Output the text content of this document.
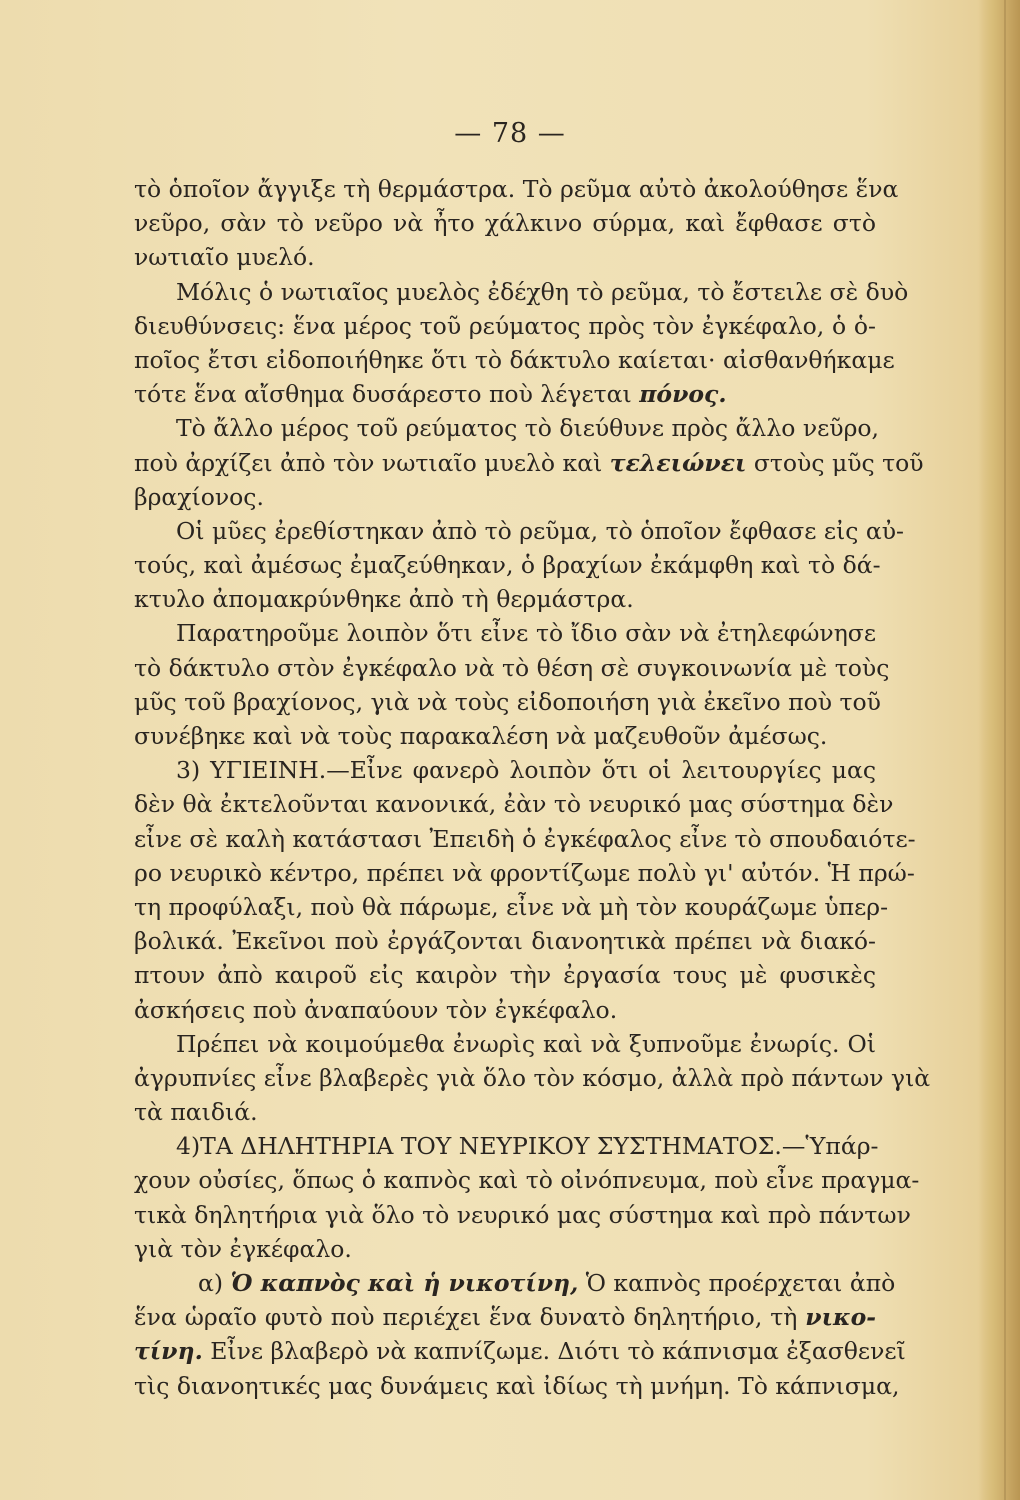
— 78 —
τὸ ὁποῖον ἄγγιξε τὴ θερμάστρα. Τὸ ρεῦμα αὐτὸ ἀκολούθησε ἕνα
νεῦρο, σὰν τὸ νεῦρο νὰ ἦτο χάλκινο σύρμα, καὶ ἔφθασε στὸ
νωτιαῖο μυελό.
Μόλις ὁ νωτιαῖος μυελὸς ἐδέχθη τὸ ρεῦμα, τὸ ἔστειλε σὲ δυὸ
διευθύνσεις: ἕνα μέρος τοῦ ρεύματος πρὸς τὸν ἐγκέφαλο, ὁ ὁ-
ποῖος ἔτσι εἰδοποιήθηκε ὅτι τὸ δάκτυλο καίεται· αἰσθανθήκαμε
τότε ἕνα αἴσθημα δυσάρεστο ποὺ λέγεται πόνος.
Τὸ ἄλλο μέρος τοῦ ρεύματος τὸ διεύθυνε πρὸς ἄλλο νεῦρο,
ποὺ ἀρχίζει ἀπὸ τὸν νωτιαῖο μυελὸ καὶ τελειώνει στοὺς μῦς τοῦ
βραχίονος.
Οἱ μῦες ἐρεθίστηκαν ἀπὸ τὸ ρεῦμα, τὸ ὁποῖον ἔφθασε εἰς αὐ-
τούς, καὶ ἀμέσως ἐμαζεύθηκαν, ὁ βραχίων ἐκάμφθη καὶ τὸ δά-
κτυλο ἀπομακρύνθηκε ἀπὸ τὴ θερμάστρα.
Παρατηροῦμε λοιπὸν ὅτι εἶνε τὸ ἴδιο σὰν νὰ ἐτηλεφώνησε
τὸ δάκτυλο στὸν ἐγκέφαλο νὰ τὸ θέση σὲ συγκοινωνία μὲ τοὺς
μῦς τοῦ βραχίονος, γιὰ νὰ τοὺς εἰδοποιήση γιὰ ἐκεῖνο ποὺ τοῦ
συνέβηκε καὶ νὰ τοὺς παρακαλέση νὰ μαζευθοῦν ἀμέσως.
3) ΥΓΙΕΙΝΗ.—Εἶνε φανερὸ λοιπὸν ὅτι οἱ λειτουργίες μας
δὲν θὰ ἐκτελοῦνται κανονικά, ἐὰν τὸ νευρικό μας σύστημα δὲν
εἶνε σὲ καλὴ κατάστασι Ἐπειδὴ ὁ ἐγκέφαλος εἶνε τὸ σπουδαιότε-
ρο νευρικὸ κέντρο, πρέπει νὰ φροντίζωμε πολὺ γι' αὐτόν. Ἡ πρώ-
τη προφύλαξι, ποὺ θὰ πάρωμε, εἶνε νὰ μὴ τὸν κουράζωμε ὑπερ-
βολικά. Ἐκεῖνοι ποὺ ἐργάζονται διανοητικὰ πρέπει νὰ διακό-
πτουν ἀπὸ καιροῦ εἰς καιρὸν τὴν ἐργασία τους μὲ φυσικὲς
ἀσκήσεις ποὺ ἀναπαύουν τὸν ἐγκέφαλο.
Πρέπει νὰ κοιμούμεθα ἐνωρὶς καὶ νὰ ξυπνοῦμε ἐνωρίς. Οἱ
ἀγρυπνίες εἶνε βλαβερὲς γιὰ ὅλο τὸν κόσμο, ἀλλὰ πρὸ πάντων γιὰ
τὰ παιδιά.
4)ΤΑ ΔΗΛΗΤΗΡΙΑ ΤΟΥ ΝΕΥΡΙΚΟΥ ΣΥΣΤΗΜΑΤΟΣ.—Ὑπάρ-
χουν οὐσίες, ὅπως ὁ καπνὸς καὶ τὸ οἰνόπνευμα, ποὺ εἶνε πραγμα-
τικὰ δηλητήρια γιὰ ὅλο τὸ νευρικό μας σύστημα καὶ πρὸ πάντων
γιὰ τὸν ἐγκέφαλο.
α) Ὁ καπνὸς καὶ ἡ νικοτίνη, Ὁ καπνὸς προέρχεται ἀπὸ
ἕνα ὡραῖο φυτὸ ποὺ περιέχει ἕνα δυνατὸ δηλητήριο, τὴ νικο-
τίνη. Εἶνε βλαβερὸ νὰ καπνίζωμε. Διότι τὸ κάπνισμα ἐξασθενεῖ
τὶς διανοητικές μας δυνάμεις καὶ ἰδίως τὴ μνήμη. Τὸ κάπνισμα,
